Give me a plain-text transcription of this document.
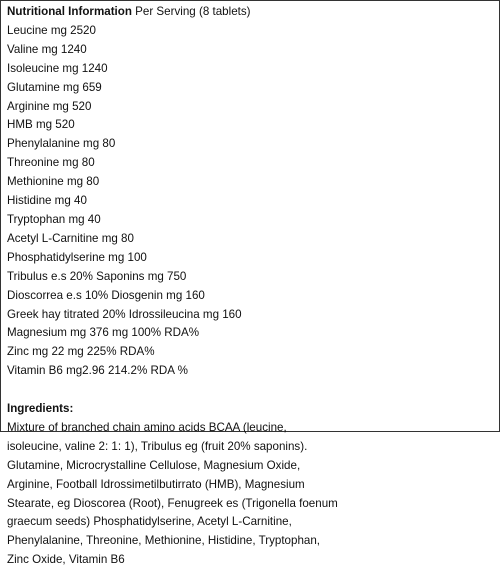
Nutritional Information Per Serving (8 tablets)
Leucine mg 2520
Valine mg 1240
Isoleucine mg 1240
Glutamine mg 659
Arginine mg 520
HMB mg 520
Phenylalanine mg 80
Threonine mg 80
Methionine mg 80
Histidine mg 40
Tryptophan mg 40
Acetyl L-Carnitine mg 80
Phosphatidylserine mg 100
Tribulus e.s 20% Saponins mg 750
Dioscorrea e.s 10% Diosgenin mg 160
Greek hay titrated 20% Idrossileucina mg 160
Magnesium mg 376 mg 100% RDA%
Zinc mg 22 mg 225% RDA%
Vitamin B6 mg2.96 214.2% RDA %
Ingredients:
Mixture of branched chain amino acids BCAA (leucine,
isoleucine, valine 2: 1: 1), Tribulus eg (fruit 20% saponins).
Glutamine, Microcrystalline Cellulose, Magnesium Oxide,
Arginine, Football Idrossimetilbutirrato (HMB), Magnesium
Stearate, eg Dioscorea (Root), Fenugreek es (Trigonella foenum
graecum seeds) Phosphatidylserine, Acetyl L-Carnitine,
Phenylalanine, Threonine, Methionine, Histidine, Tryptophan,
Zinc Oxide, Vitamin B6
